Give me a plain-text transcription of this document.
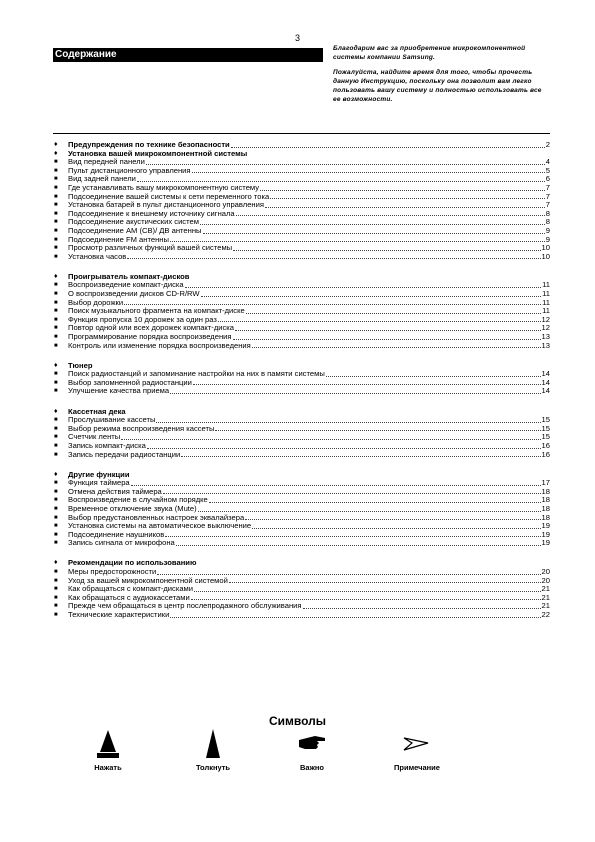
3
Содержание

Благодарим вас за приобретение микрокомпонентной системы компании Samsung.

Пожалуйста, найдите время для того, чтобы прочесть данную Инструкцию, поскольку она позволит вам легко пользовать вашу систему и полностью использовать все ее возможности.

♦	Предупреждения по технике безопасности	2
♦	Установка вашей микрокомпонентной системы
■	Вид передней панели	4
■	Пульт дистанционного управления	5
■	Вид задней панели	6
■	Где устанавливать вашу микрокомпонентную систему	7
■	Подсоединение вашей системы к сети переменного тока	7
■	Установка батарей в пульт дистанционного управления	7
■	Подсоединение к внешнему источнику сигнала	8
■	Подсоединение акустических систем	8
■	Подсоединение АМ (СВ)/ ДВ антенны	9
■	Подсоединение FM антенны	9
■	Просмотр различных функций вашей системы	10
■	Установка часов	10
♦	Проигрыватель компакт-дисков
■	Воспроизведение компакт-диска	11
■	О воспроизведении дисков CD-R/RW	11
■	Выбор дорожки	11
■	Поиск музыкального фрагмента на компакт-диске	11
■	Функция пропуска 10 дорожек за один раз	12
■	Повтор одной или всех дорожек компакт-диска	12
■	Программирование порядка воспроизведения	13
■	Контроль или изменение порядка воспроизведения	13
♦	Тюнер
■	Поиск радиостанций и запоминание настройки на них в памяти системы	14
■	Выбор запомненной радиостанции	14
■	Улучшение качества приема	14
♦	Кассетная дека
■	Прослушивание кассеты	15
■	Выбор режима воспроизведения кассеты	15
■	Счетчик ленты	15
■	Запись компакт-диска	16
■	Запись передачи радиостанции	16
♦	Другие функции
■	Функция таймера	17
■	Отмена действия таймера	18
■	Воспроизведение в случайном порядке	18
■	Временное отключение звука (Mute)	18
■	Выбор предустановленных настроек эквалайзера	18
■	Установка системы на автоматическое выключение	19
■	Подсоединение наушников	19
■	Запись сигнала от микрофона	19
♦	Рекомендации по использованию
■	Меры предосторожности	20
■	Уход за вашей микрокомпонентной системой	20
■	Как обращаться с компакт-дисками	21
■	Как обращаться с аудиокассетами	21
■	Прежде чем обращаться в центр послепродажного обслуживания	21
■	Технические характеристики	22
Символы
Нажать	Толкнуть	Важно	Примечание
